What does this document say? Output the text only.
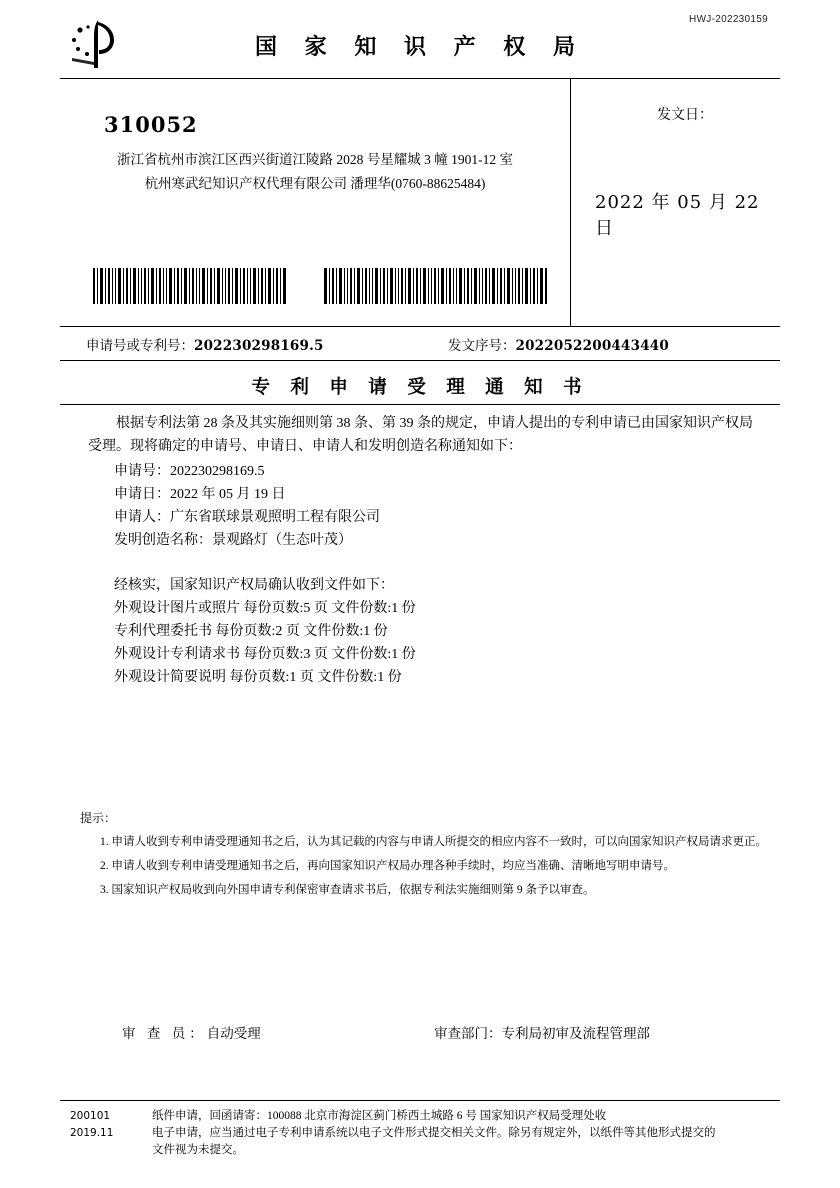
HWJ-202230159
国 家 知 识 产 权 局
310052
浙江省杭州市滨江区西兴街道江陵路 2028 号星耀城 3 幢 1901-12 室
杭州寒武纪知识产权代理有限公司 潘理华(0760-88625484)

发文日：
2022 年 05 月 22 日
申请号或专利号：202230298169.5	发文序号：2022052200443440
专 利 申 请 受 理 通 知 书

根据专利法第 28 条及其实施细则第 38 条、第 39 条的规定，申请人提出的专利申请已由国家知识产权局受理。现将确定的申请号、申请日、申请人和发明创造名称通知如下：

申请号：202230298169.5

申请日：2022 年 05 月 19 日

申请人：广东省联球景观照明工程有限公司

发明创造名称：景观路灯（生态叶茂）

经核实，国家知识产权局确认收到文件如下：

外观设计图片或照片 每份页数:5 页 文件份数:1 份

专利代理委托书 每份页数:2 页 文件份数:1 份

外观设计专利请求书 每份页数:3 页 文件份数:1 份

外观设计简要说明 每份页数:1 页 文件份数:1 份

提示：

1. 申请人收到专利申请受理通知书之后，认为其记载的内容与申请人所提交的相应内容不一致时，可以向国家知识产权局请求更正。

2. 申请人收到专利申请受理通知书之后，再向国家知识产权局办理各种手续时，均应当准确、清晰地写明申请号。

3. 国家知识产权局收到向外国申请专利保密审查请求书后，依据专利法实施细则第 9 条予以审查。

审 查 员：自动受理	审查部门：专利局初审及流程管理部
200101
2019.11

纸件申请，回函请寄：100088 北京市海淀区蓟门桥西土城路 6 号 国家知识产权局受理处收

电子申请，应当通过电子专利申请系统以电子文件形式提交相关文件。除另有规定外，以纸件等其他形式提交的

文件视为未提交。
